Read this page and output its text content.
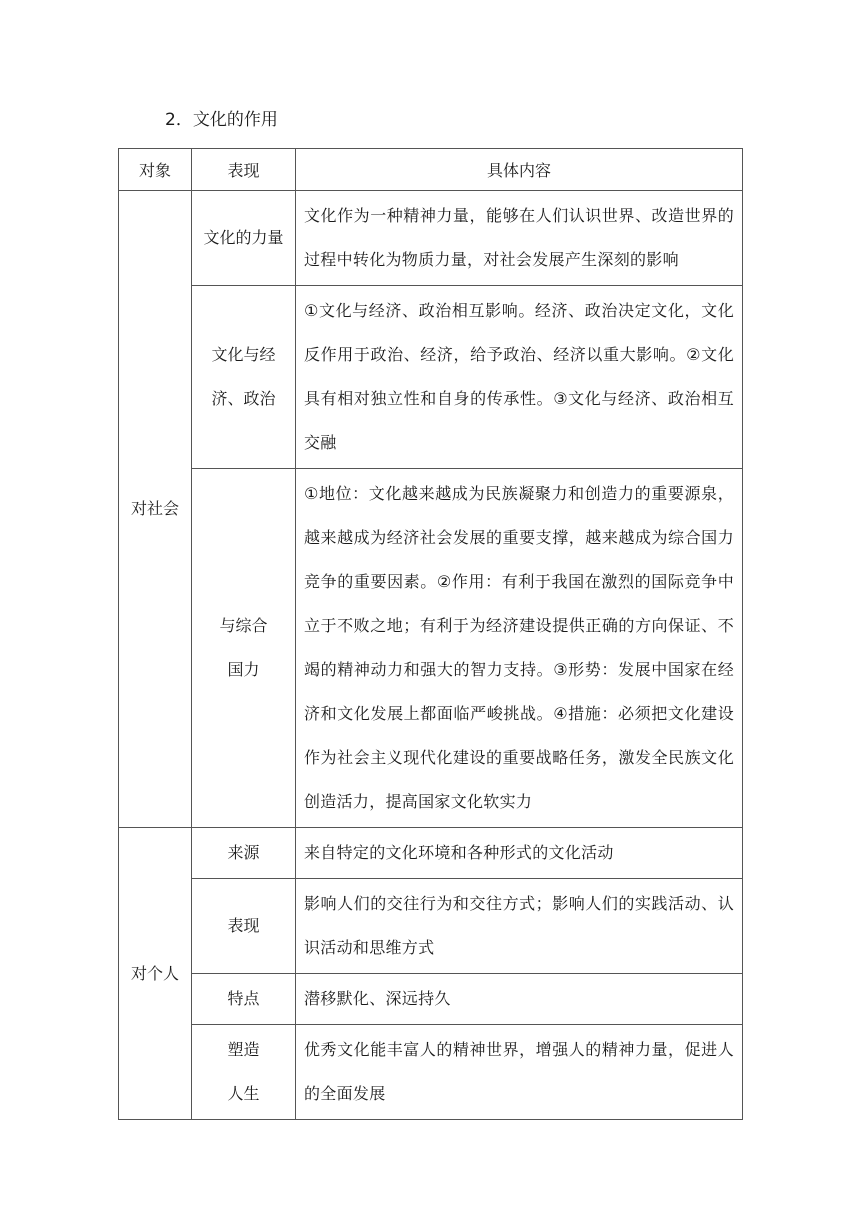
2．文化的作用
对象	表现	具体内容
对社会	文化的力量	文化作为一种精神力量，能够在人们认识世界、改造世界的过程中转化为物质力量，对社会发展产生深刻的影响

	文化与经济、政治	①文化与经济、政治相互影响。经济、政治决定文化，文化反作用于政治、经济，给予政治、经济以重大影响。②文化具有相对独立性和自身的传承性。③文化与经济、政治相互交融

	与综合国力	①地位：文化越来越成为民族凝聚力和创造力的重要源泉，越来越成为经济社会发展的重要支撑，越来越成为综合国力竞争的重要因素。②作用：有利于我国在激烈的国际竞争中立于不败之地；有利于为经济建设提供正确的方向保证、不竭的精神动力和强大的智力支持。③形势：发展中国家在经济和文化发展上都面临严峻挑战。④措施：必须把文化建设作为社会主义现代化建设的重要战略任务，激发全民族文化创造活力，提高国家文化软实力

对个人	来源	来自特定的文化环境和各种形式的文化活动

	表现	影响人们的交往行为和交往方式；影响人们的实践活动、认识活动和思维方式

	特点	潜移默化、深远持久

	塑造人生	优秀文化能丰富人的精神世界，增强人的精神力量，促进人的全面发展
